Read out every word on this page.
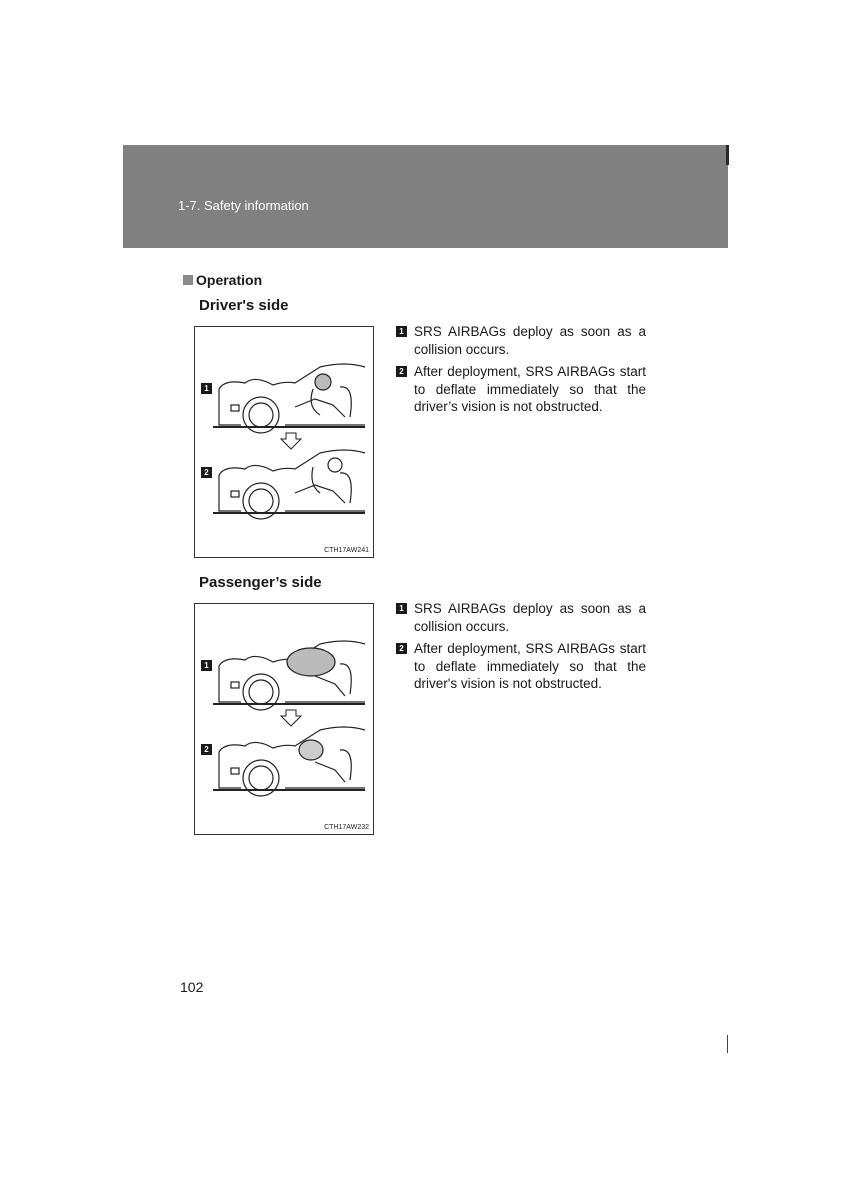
1-7. Safety information
Operation
Driver's side
1
2
CTH17AW241
1 SRS AIRBAGs deploy as soon as a collision occurs.
2 After deployment, SRS AIRBAGs start to deflate immediately so that the driver’s vision is not obstructed.
Passenger’s side
1
2
CTH17AW232
1 SRS AIRBAGs deploy as soon as a collision occurs.
2 After deployment, SRS AIRBAGs start to deflate immediately so that the driver's vision is not obstructed.
102
